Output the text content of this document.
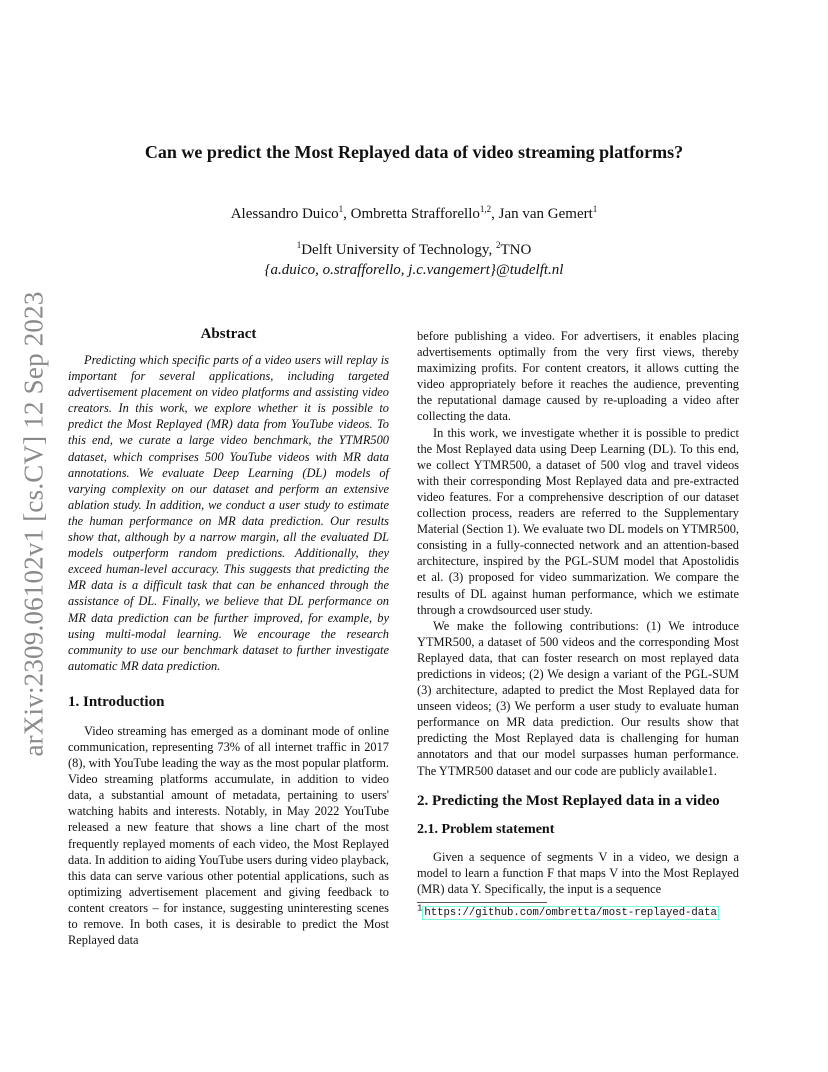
arXiv:2309.06102v1 [cs.CV] 12 Sep 2023
Can we predict the Most Replayed data of video streaming platforms?
Alessandro Duico$^1$, Ombretta Strafforello$^{1,2}$, Jan van Gemert$^1$
$^1$Delft University of Technology, $^2$TNO
{a.duico, o.strafforello, j.c.vangemert}@tudelft.nl
Abstract

Predicting which specific parts of a video users will replay is important for several applications, including targeted advertisement placement on video platforms and assisting video creators. In this work, we explore whether it is possible to predict the Most Replayed (MR) data from YouTube videos. To this end, we curate a large video benchmark, the YTMR500 dataset, which comprises 500 YouTube videos with MR data annotations. We evaluate Deep Learning (DL) models of varying complexity on our dataset and perform an extensive ablation study. In addition, we conduct a user study to estimate the human performance on MR data prediction. Our results show that, although by a narrow margin, all the evaluated DL models outperform random predictions. Additionally, they exceed human-level accuracy. This suggests that predicting the MR data is a difficult task that can be enhanced through the assistance of DL. Finally, we believe that DL performance on MR data prediction can be further improved, for example, by using multi-modal learning. We encourage the research community to use our benchmark dataset to further investigate automatic MR data prediction.

1. Introduction

Video streaming has emerged as a dominant mode of online communication, representing 73% of all internet traffic in 2017 (8), with YouTube leading the way as the most popular platform. Video streaming platforms accumulate, in addition to video data, a substantial amount of metadata, pertaining to users' watching habits and interests. Notably, in May 2022 YouTube released a new feature that shows a line chart of the most frequently replayed moments of each video, the Most Replayed data. In addition to aiding YouTube users during video playback, this data can serve various other potential applications, such as optimizing advertisement placement and giving feedback to content creators – for instance, suggesting uninteresting scenes to remove. In both cases, it is desirable to predict the Most Replayed data

before publishing a video. For advertisers, it enables placing advertisements optimally from the very first views, thereby maximizing profits. For content creators, it allows cutting the video appropriately before it reaches the audience, preventing the reputational damage caused by re-uploading a video after collecting the data.

In this work, we investigate whether it is possible to predict the Most Replayed data using Deep Learning (DL). To this end, we collect YTMR500, a dataset of 500 vlog and travel videos with their corresponding Most Replayed data and pre-extracted video features. For a comprehensive description of our dataset collection process, readers are referred to the Supplementary Material (Section 1). We evaluate two DL models on YTMR500, consisting in a fully-connected network and an attention-based architecture, inspired by the PGL-SUM model that Apostolidis et al. (3) proposed for video summarization. We compare the results of DL against human performance, which we estimate through a crowdsourced user study.

We make the following contributions: (1) We introduce YTMR500, a dataset of 500 videos and the corresponding Most Replayed data, that can foster research on most replayed data predictions in videos; (2) We design a variant of the PGL-SUM (3) architecture, adapted to predict the Most Replayed data for unseen videos; (3) We perform a user study to evaluate human performance on MR data prediction. Our results show that predicting the Most Replayed data is challenging for human annotators and that our model surpasses human performance. The YTMR500 dataset and our code are publicly available1.

2. Predicting the Most Replayed data in a video
2.1. Problem statement

Given a sequence of segments V in a video, we design a model to learn a function F that maps V into the Most Replayed (MR) data Y. Specifically, the input is a sequence

$^1$ https://github.com/ombretta/most-replayed-data
